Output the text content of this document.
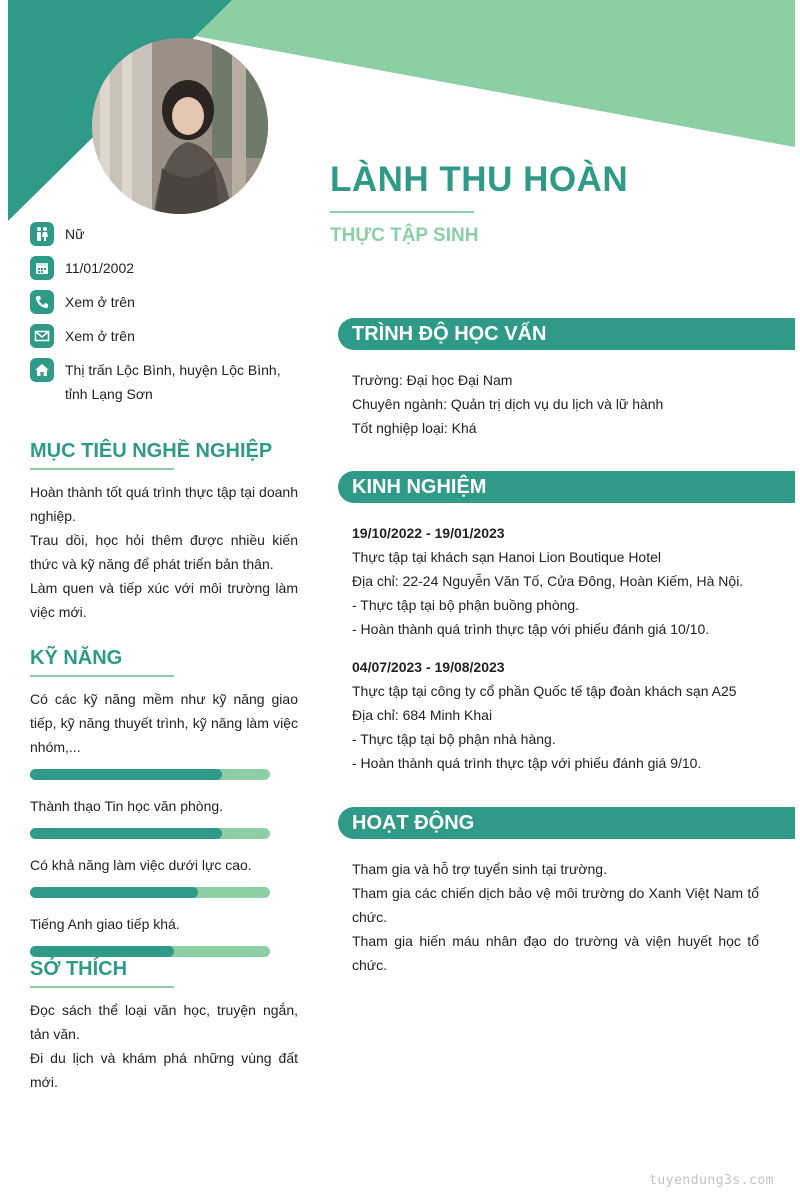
LÀNH THU HOÀN
THỰC TẬP SINH
Nữ
11/01/2002
Xem ở trên
Xem ở trên
Thị trấn Lộc Bình, huyện Lộc Bình, tỉnh Lạng Sơn
MỤC TIÊU NGHỀ NGHIỆP

Hoàn thành tốt quá trình thực tập tại doanh nghiệp.

Trau dồi, học hỏi thêm được nhiều kiến thức và kỹ năng để phát triển bản thân.

Làm quen và tiếp xúc với môi trường làm việc mới.

KỸ NĂNG

Có các kỹ năng mềm như kỹ năng giao tiếp, kỹ năng thuyết trình, kỹ năng làm việc nhóm,...

Thành thạo Tin học văn phòng.

Có khả năng làm việc dưới lực cao.

Tiếng Anh giao tiếp khá.

SỞ THÍCH

Đọc sách thể loại văn học, truyện ngắn, tản văn.

Đi du lịch và khám phá những vùng đất mới.

TRÌNH ĐỘ HỌC VẤN

Trường: Đại học Đại Nam

Chuyên ngành: Quản trị dịch vụ du lịch và lữ hành

Tốt nghiệp loại: Khá

KINH NGHIỆM

19/10/2022 - 19/01/2023

Thực tập tại khách sạn Hanoi Lion Boutique Hotel

Địa chỉ: 22-24 Nguyễn Văn Tố, Cửa Đông, Hoàn Kiếm, Hà Nội.

- Thực tập tại bộ phận buồng phòng.

- Hoàn thành quá trình thực tập với phiếu đánh giá 10/10.

04/07/2023 - 19/08/2023

Thực tập tại công ty cổ phần Quốc tế tập đoàn khách sạn A25

Địa chỉ: 684 Minh Khai

- Thực tập tại bộ phận nhà hàng.

- Hoàn thành quá trình thực tập với phiếu đánh giá 9/10.

HOẠT ĐỘNG

Tham gia và hỗ trợ tuyển sinh tại trường.

Tham gia các chiến dịch bảo vệ môi trường do Xanh Việt Nam tổ chức.

Tham gia hiến máu nhân đạo do trường và viện huyết học tổ chức.

tuyendung3s.com
